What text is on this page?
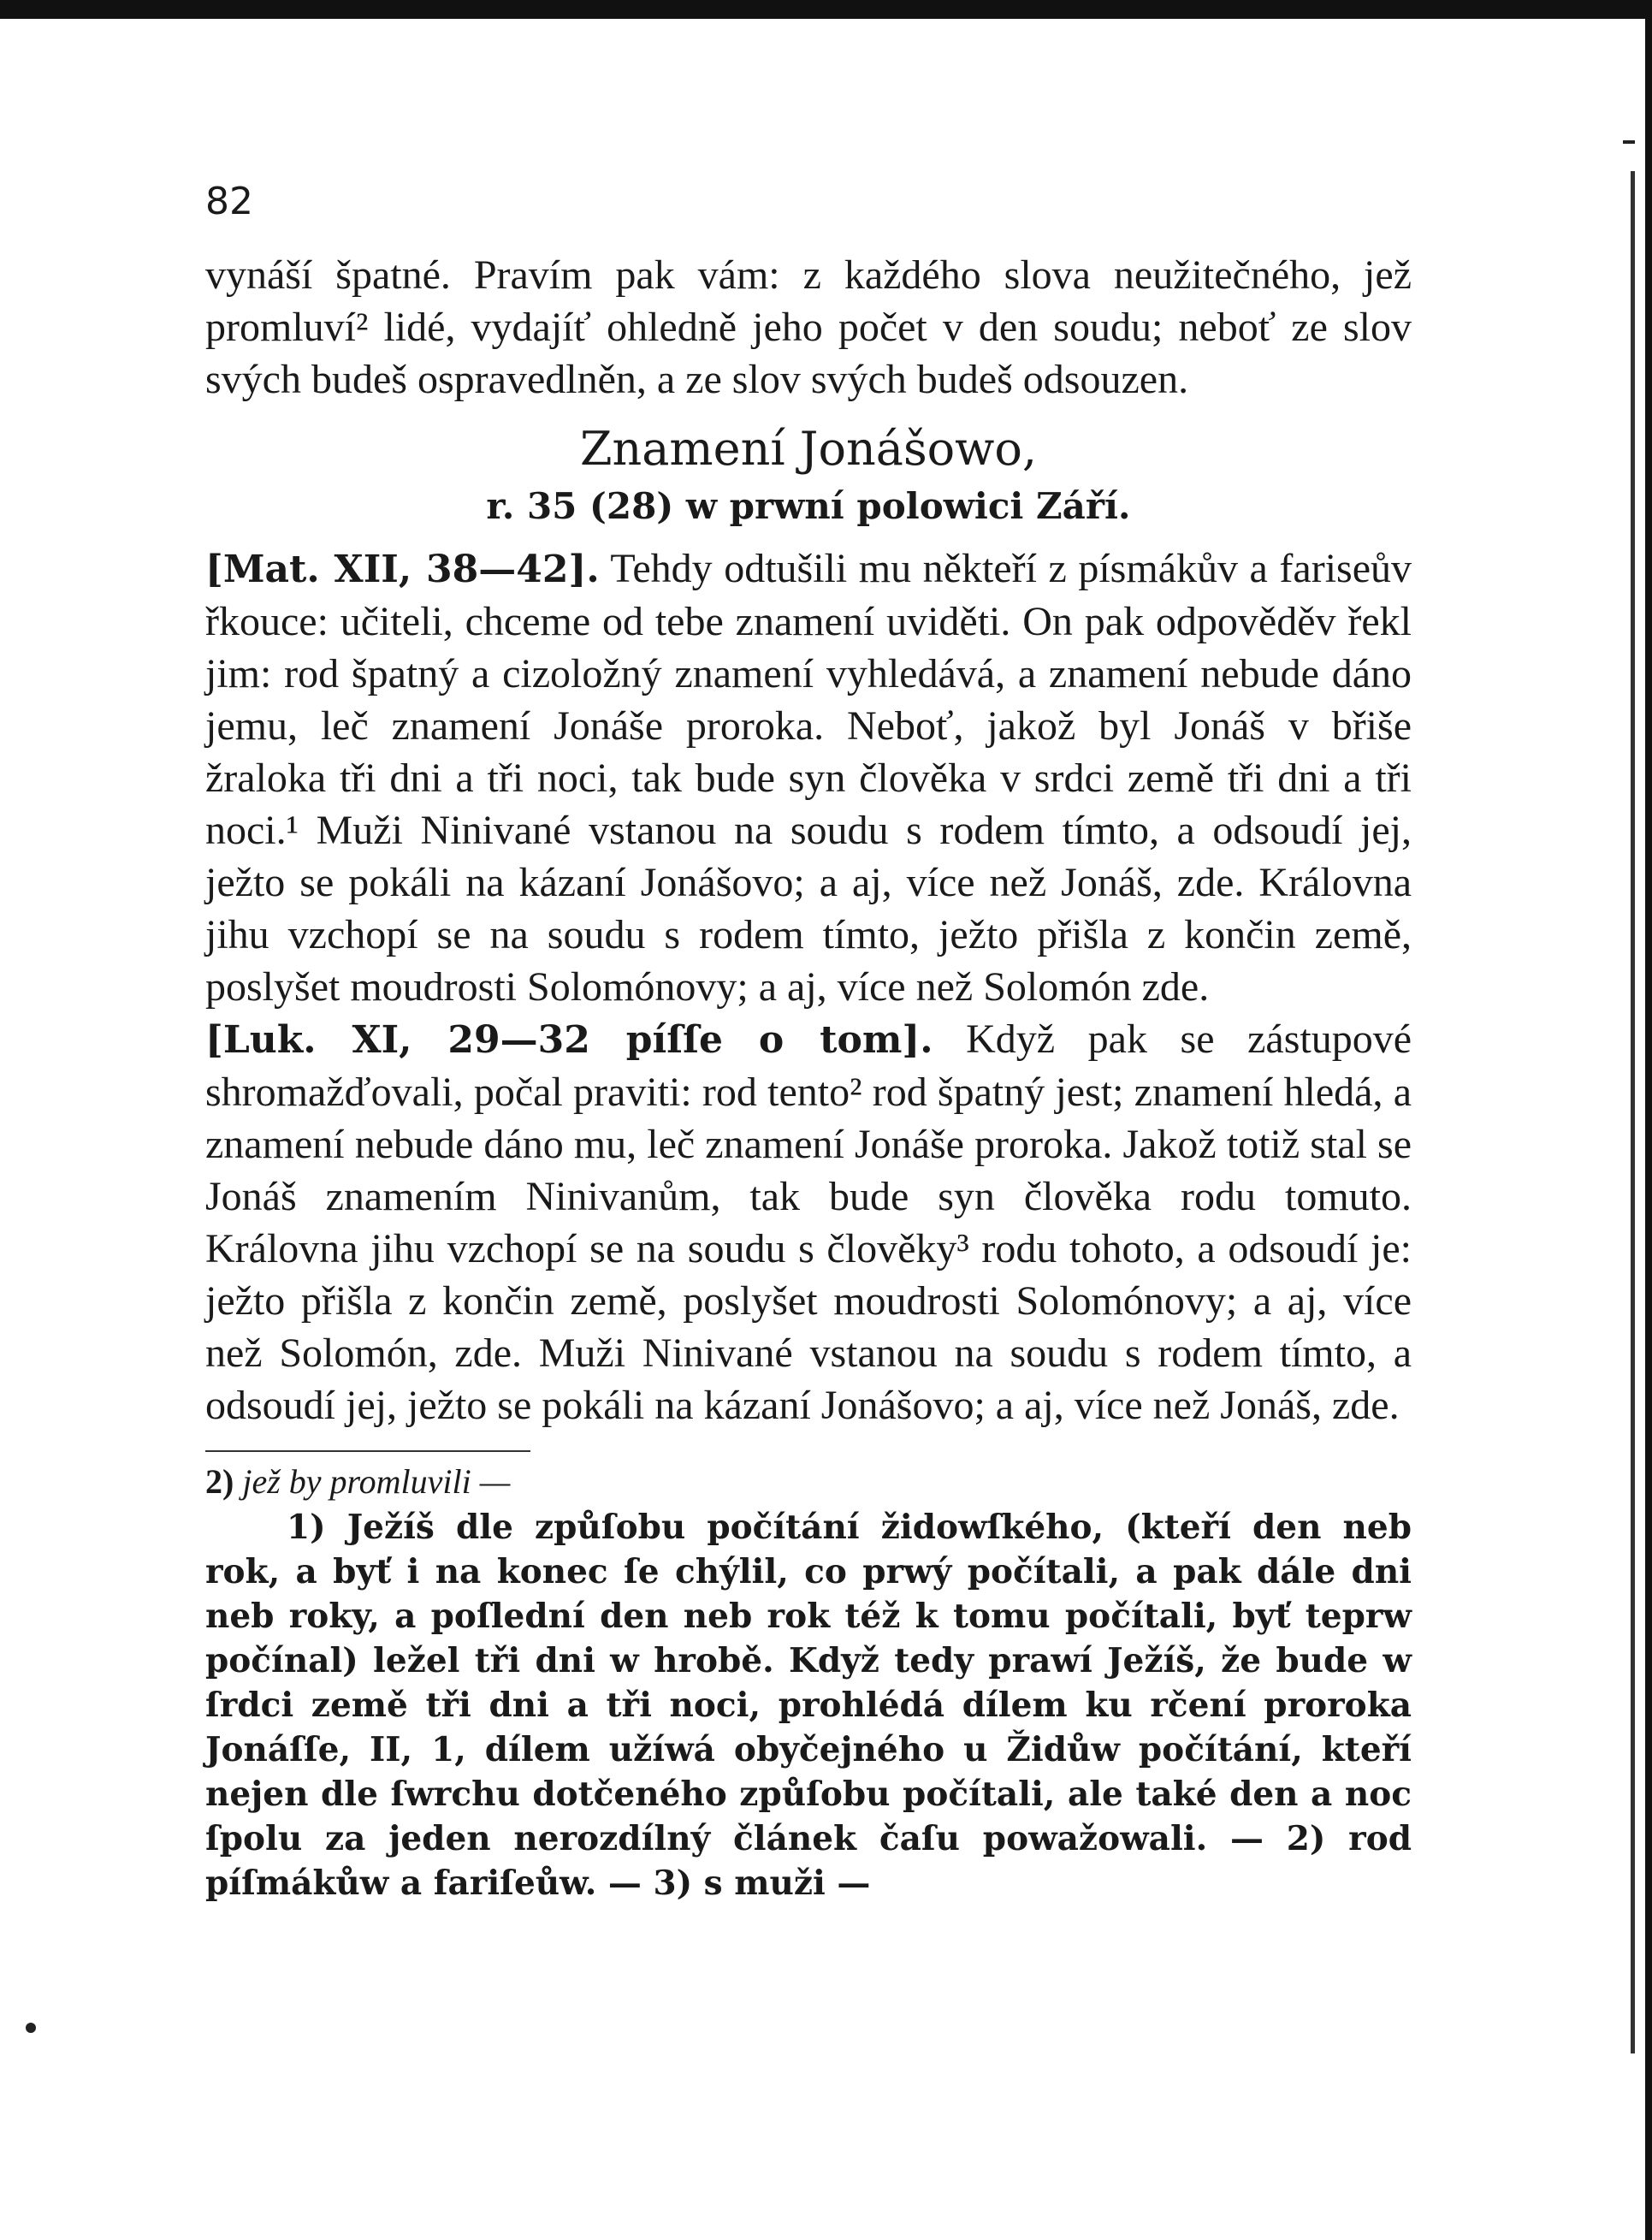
82

vynáší špatné. Pravím pak vám: z každého slova neužitečného, jež promluví² lidé, vydajíť ohledně jeho počet v den soudu; neboť ze slov svých budeš ospravedlněn, a ze slov svých budeš odsouzen.

Znamení Jonášowo,
r. 35 (28) w prwní polowici Září.

[Mat. XII, 38—42]. Tehdy odtušili mu někteří z písmákův a fariseův řkouce: učiteli, chceme od tebe znamení uviděti. On pak odpověděv řekl jim: rod špatný a cizoložný znamení vyhledává, a znamení nebude dáno jemu, leč znamení Jonáše proroka. Neboť, jakož byl Jonáš v břiše žraloka tři dni a tři noci, tak bude syn člověka v srdci země tři dni a tři noci.¹ Muži Ninivané vstanou na soudu s rodem tímto, a odsoudí jej, ježto se pokáli na kázaní Jonášovo; a aj, více než Jonáš, zde. Královna jihu vzchopí se na soudu s rodem tímto, ježto přišla z končin země, poslyšet moudrosti Solomónovy; a aj, více než Solomón zde.

[Luk. XI, 29—32 píſſe o tom]. Když pak se zástupové shromažďovali, počal praviti: rod tento² rod špatný jest; znamení hledá, a znamení nebude dáno mu, leč znamení Jonáše proroka. Jakož totiž stal se Jonáš znamením Ninivanům, tak bude syn člověka rodu tomuto. Královna jihu vzchopí se na soudu s člověky³ rodu tohoto, a odsoudí je: ježto přišla z končin země, poslyšet moudrosti Solomónovy; a aj, více než Solomón, zde. Muži Ninivané vstanou na soudu s rodem tímto, a odsoudí jej, ježto se pokáli na kázaní Jonášovo; a aj, více než Jonáš, zde.

2) jež by promluvili —

1) Ježíš dle způſobu počítání židowſkého, (kteří den neb rok, a byť i na konec ſe chýlil, co prwý počítali, a pak dále dni neb roky, a poſlední den neb rok též k tomu počítali, byť teprw počínal) ležel tři dni w hrobě. Když tedy prawí Ježíš, že bude w ſrdci země tři dni a tři noci, prohlédá dílem ku rčení proroka Jonáſſe, II, 1, dílem užíwá obyčejného u Židůw počítání, kteří nejen dle ſwrchu dotčeného způſobu počítali, ale také den a noc ſpolu za jeden nerozdílný článek čaſu powažowali. — 2) rod píſmákůw a fariſeůw. — 3) s muži —
